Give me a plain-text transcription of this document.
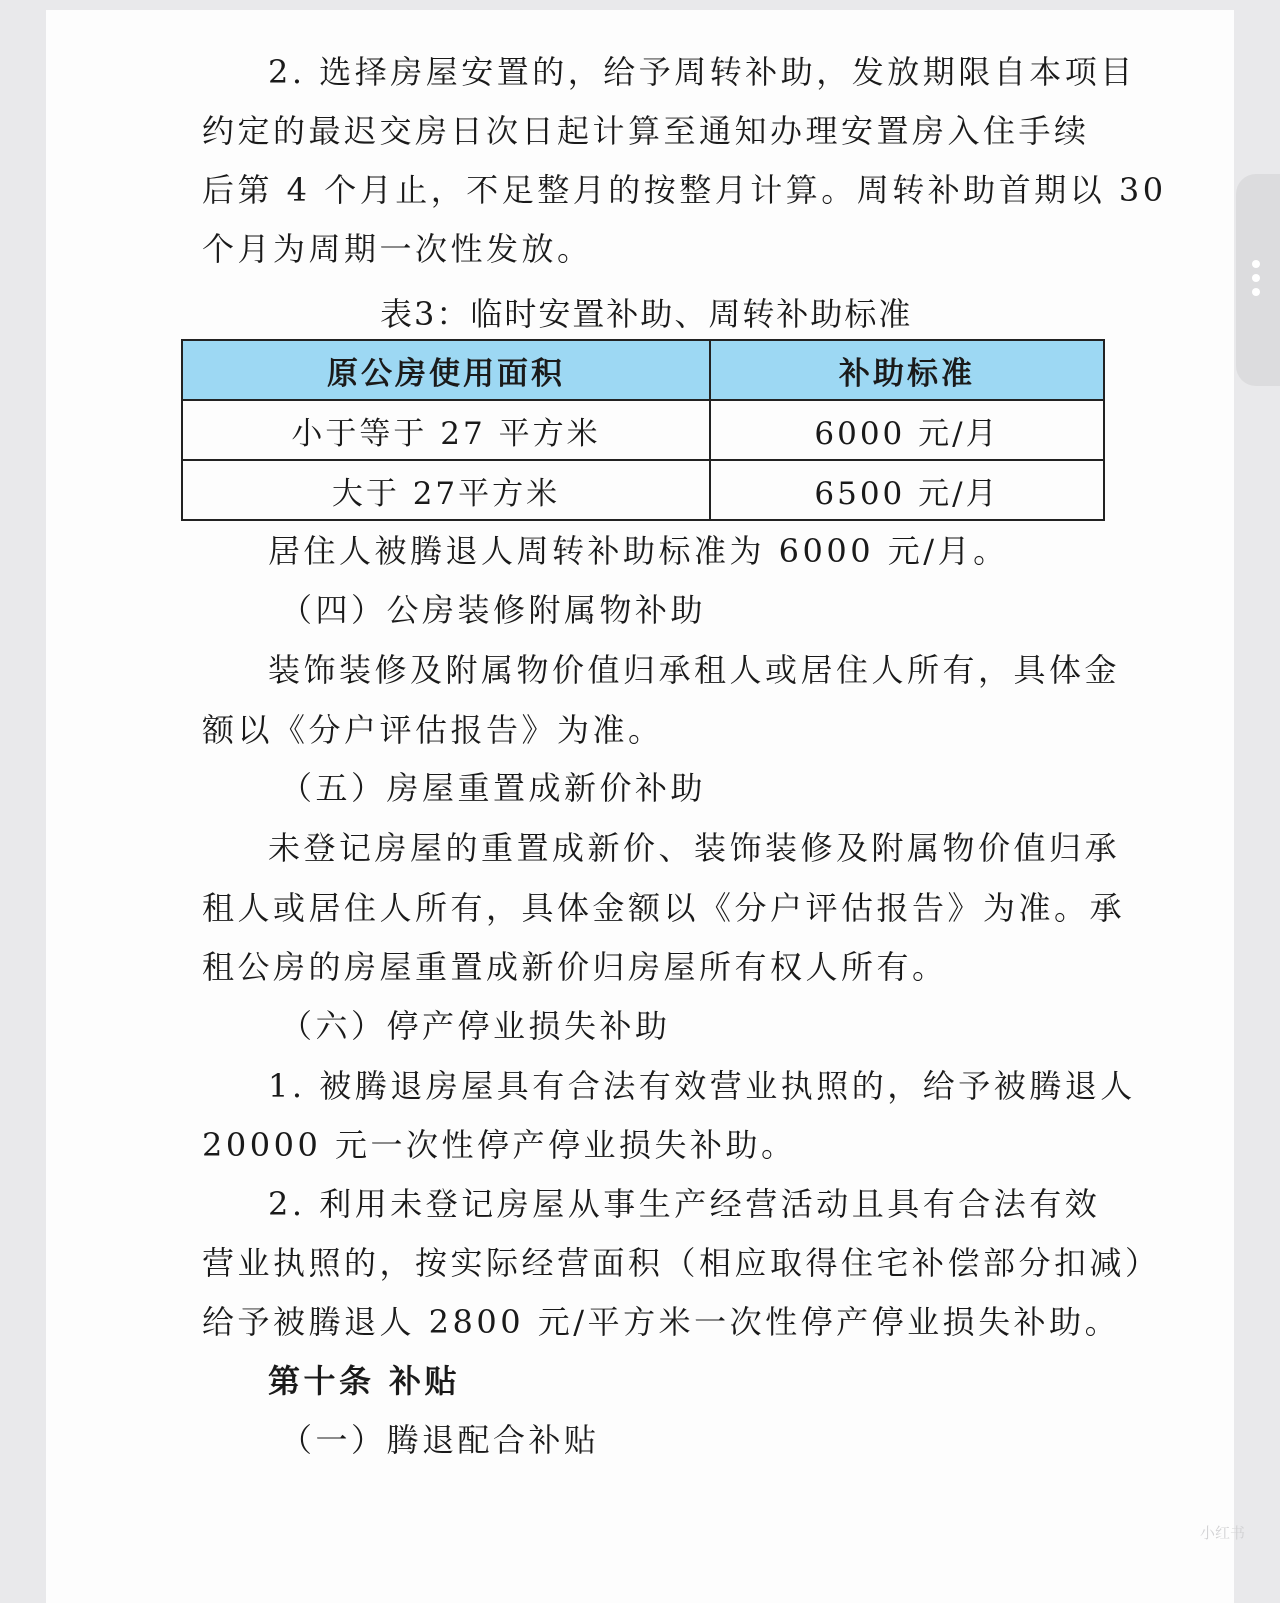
2. 选择房屋安置的，给予周转补助，发放期限自本项目
约定的最迟交房日次日起计算至通知办理安置房入住手续
后第 4 个月止，不足整月的按整月计算。周转补助首期以 30
个月为周期一次性发放。
表3：临时安置补助、周转补助标准
原公房使用面积	补助标准
小于等于 27 平方米	6000 元/月
大于 27平方米	6500 元/月
居住人被腾退人周转补助标准为 6000 元/月。
（四）公房装修附属物补助
装饰装修及附属物价值归承租人或居住人所有，具体金
额以《分户评估报告》为准。
（五）房屋重置成新价补助
未登记房屋的重置成新价、装饰装修及附属物价值归承
租人或居住人所有，具体金额以《分户评估报告》为准。承
租公房的房屋重置成新价归房屋所有权人所有。
（六）停产停业损失补助
1. 被腾退房屋具有合法有效营业执照的，给予被腾退人
20000 元一次性停产停业损失补助。
2. 利用未登记房屋从事生产经营活动且具有合法有效
营业执照的，按实际经营面积（相应取得住宅补偿部分扣减）
给予被腾退人 2800 元/平方米一次性停产停业损失补助。
第十条 补贴
（一）腾退配合补贴
小红书
